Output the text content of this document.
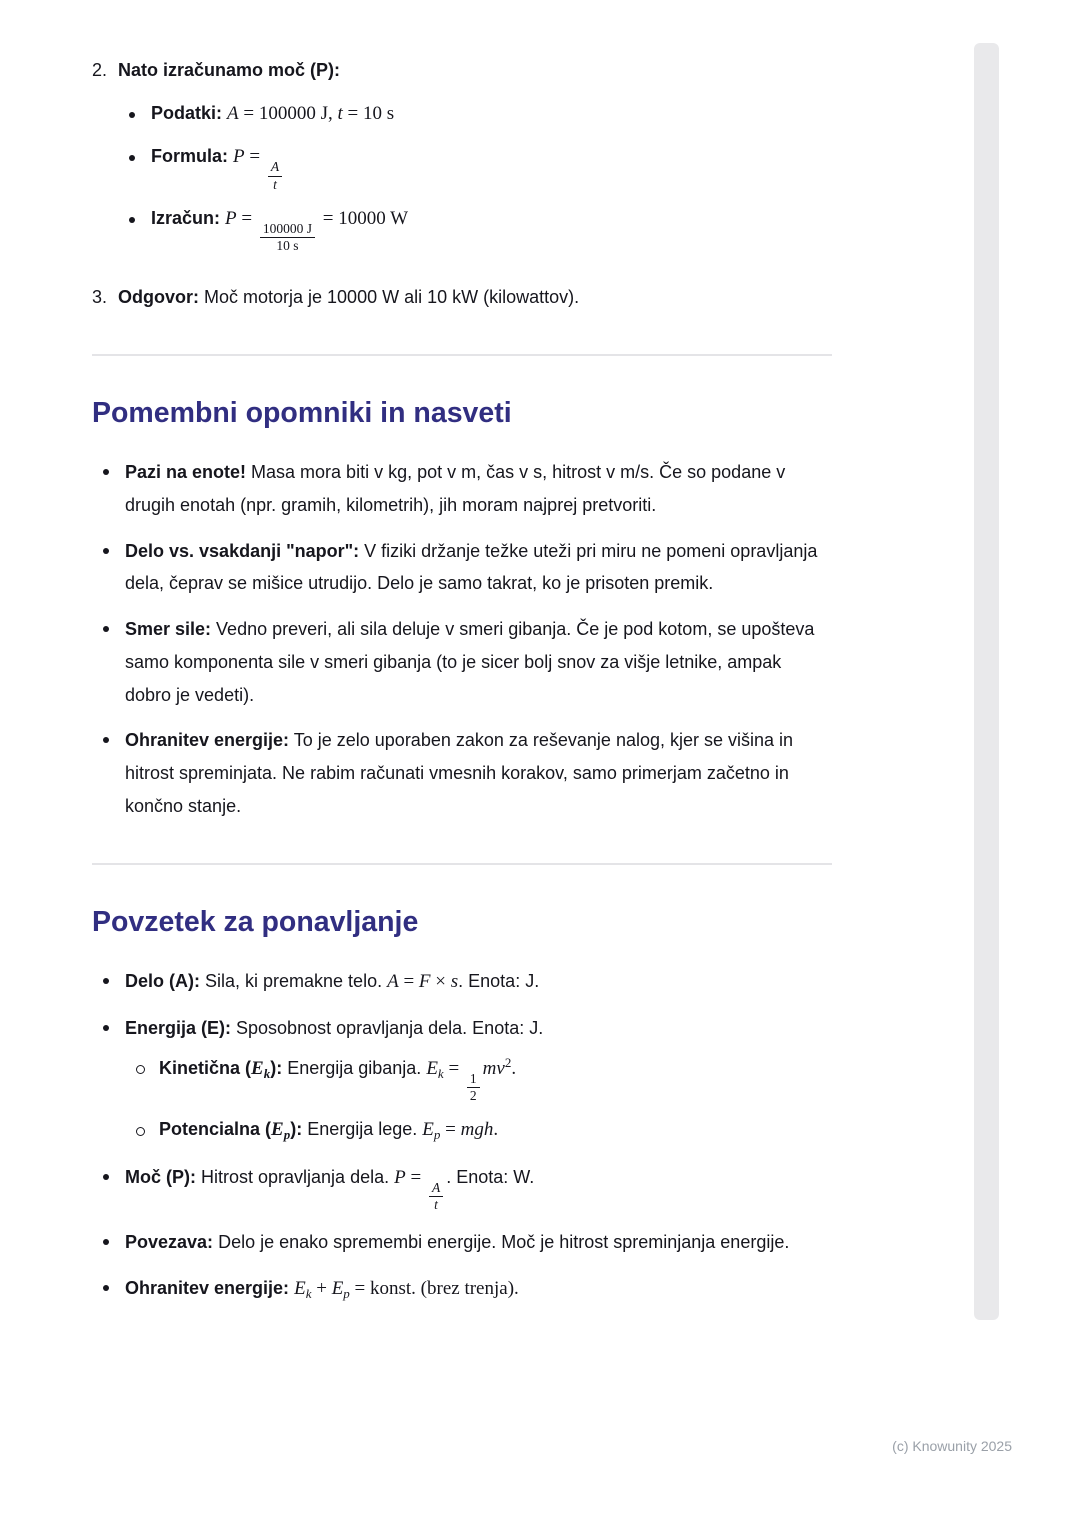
2. Nato izračunamo moč (P):
Podatki: A = 100000 J, t = 10 s
Formula: P =
$\frac{A}{t}$
Izračun: P =
$\frac{100000 J}{10 s}$
= 10000 W
3. Odgovor: Moč motorja je 10000 W ali 10 kW (kilowattov).
Pomembni opomniki in nasveti
Pazi na enote! Masa mora biti v kg, pot v m, čas v s, hitrost v m/s. Če so podane v drugih enotah (npr. gramih, kilometrih), jih moram najprej pretvoriti.
Delo vs. vsakdanji "napor": V fiziki držanje težke uteži pri miru ne pomeni opravljanja dela, čeprav se mišice utrudijo. Delo je samo takrat, ko je prisoten premik.
Smer sile: Vedno preveri, ali sila deluje v smeri gibanja. Če je pod kotom, se upošteva samo komponenta sile v smeri gibanja (to je sicer bolj snov za višje letnike, ampak dobro je vedeti).
Ohranitev energije: To je zelo uporaben zakon za reševanje nalog, kjer se višina in hitrost spreminjata. Ne rabim računati vmesnih korakov, samo primerjam začetno in končno stanje.
Povzetek za ponavljanje
Delo (A): Sila, ki premakne telo. A = F × s. Enota: J.
Energija (E): Sposobnost opravljanja dela. Enota: J.
Kinetična $(E_k)$: Energija gibanja. $E_k$ =
$\frac{1}{2}$
$mv^2$.
Potencialna $(E_p)$: Energija lege. $E_p$ = mgh.
Moč (P): Hitrost opravljanja dela. P =
$\frac{A}{t}$
. Enota: W.
Povezava: Delo je enako spremembi energije. Moč je hitrost spreminjanja energije.
Ohranitev energije: $E_k + E_p$ = konst. (brez trenja).
(c) Knowunity 2025
